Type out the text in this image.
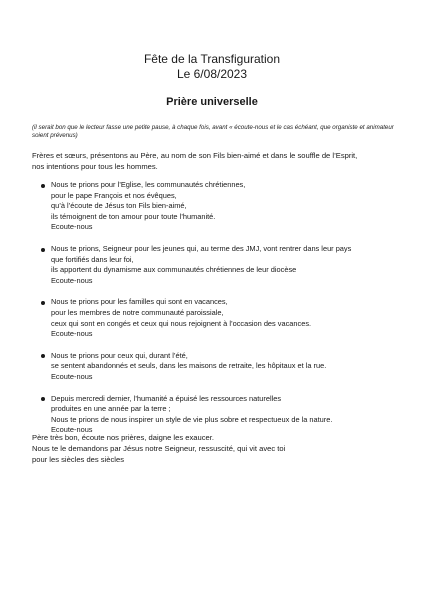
Fête de la Transfiguration
Le 6/08/2023
Prière universelle
(il serait bon que le lecteur fasse une petite pause, à chaque fois, avant « écoute-nous et le cas échéant, que organiste et animateur soient prévenus)
Frères et sœurs, présentons au Père, au nom de son Fils bien-aimé et dans le souffle de l’Esprit,
nos intentions pour tous les hommes.
Nous te prions pour l’Eglise, les communautés chrétiennes,
pour le pape François et nos évêques,
qu’à l’écoute de Jésus ton Fils bien-aimé,
ils témoignent de ton amour pour toute l’humanité.
Ecoute-nous
Nous te prions, Seigneur pour les jeunes qui, au terme des JMJ, vont rentrer dans leur pays
que fortifiés dans leur foi,
ils apportent du dynamisme aux communautés chrétiennes de leur diocèse
Ecoute-nous
Nous te prions pour les familles qui sont en vacances,
pour les membres de notre communauté paroissiale,
ceux qui sont en congés et ceux qui nous rejoignent à l’occasion des vacances.
Ecoute-nous
Nous te prions pour ceux qui, durant l’été,
se sentent abandonnés et seuls, dans les maisons de retraite, les hôpitaux et la rue.
Ecoute-nous
Depuis mercredi dernier, l’humanité a épuisé les ressources naturelles
produites en une année par la terre ;
Nous te prions de nous inspirer un style de vie plus sobre et respectueux de la nature.
Ecoute-nous
Père très bon, écoute nos prières, daigne les exaucer.
Nous te le demandons par Jésus notre Seigneur, ressuscité, qui vit avec toi
pour les siècles des siècles
